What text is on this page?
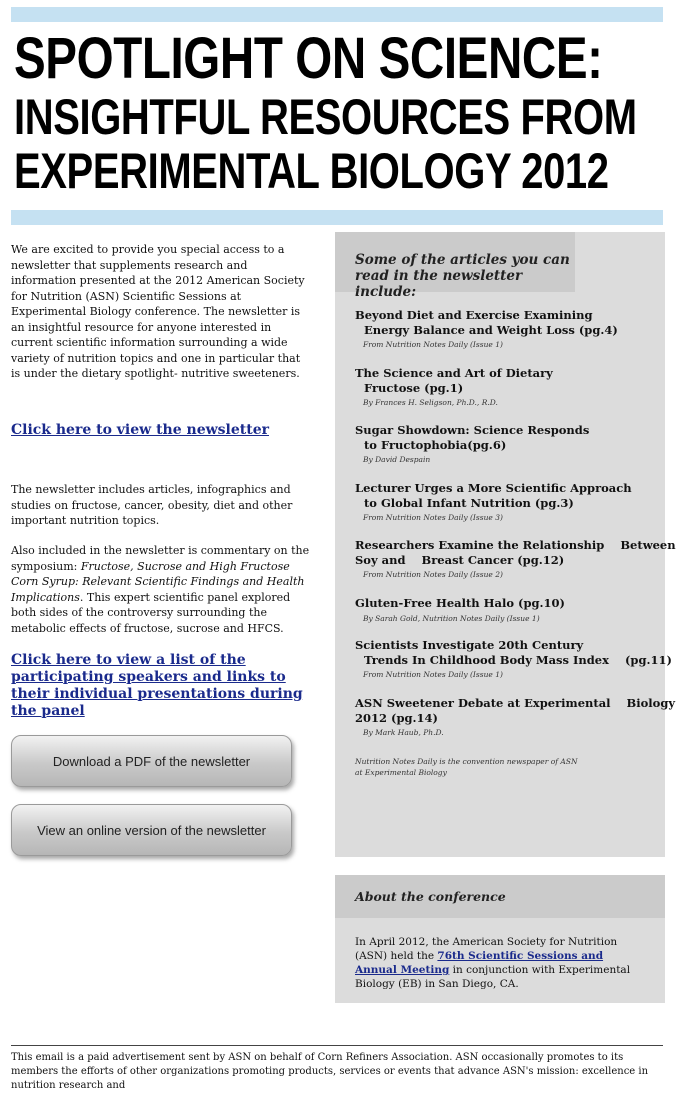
SPOTLIGHT ON SCIENCE:
INSIGHTFUL RESOURCES FROM
EXPERIMENTAL BIOLOGY 2012

We are excited to provide you special access to a newsletter that supplements research and information presented at the 2012 American Society for Nutrition (ASN) Scientific Sessions at Experimental Biology conference. The newsletter is an insightful resource for anyone interested in current scientific information surrounding a wide variety of nutrition topics and one in particular that is under the dietary spotlight- nutritive sweeteners.

Click here to view the newsletter

The newsletter includes articles, infographics and studies on fructose, cancer, obesity, diet and other important nutrition topics.

Also included in the newsletter is commentary on the symposium: Fructose, Sucrose and High Fructose Corn Syrup: Relevant Scientific Findings and Health Implications. This expert scientific panel explored both sides of the controversy surrounding the metabolic effects of fructose, sucrose and HFCS.

Click here to view a list of the participating speakers and links to their individual presentations during the panel
Download a PDF of the newsletter
View an online version of the newsletter
Some of the articles you can read in the newsletter include:
Beyond Diet and Exercise Examining
Energy Balance and Weight Loss (pg.4)
From Nutrition Notes Daily (Issue 1)
The Science and Art of Dietary
Fructose (pg.1)
By Frances H. Seligson, Ph.D., R.D.
Sugar Showdown: Science Responds
to Fructophobia(pg.6)
By David Despain
Lecturer Urges a More Scientific Approach
to Global Infant Nutrition (pg.3)
From Nutrition Notes Daily (Issue 3)
Researchers Examine the Relationship    Between
Soy and    Breast Cancer (pg.12)
From Nutrition Notes Daily (Issue 2)
Gluten-Free Health Halo (pg.10)
By Sarah Gold, Nutrition Notes Daily (Issue 1)
Scientists Investigate 20th Century
Trends In Childhood Body Mass Index    (pg.11)
From Nutrition Notes Daily (Issue 1)
ASN Sweetener Debate at Experimental    Biology
2012 (pg.14)
By Mark Haub, Ph.D.
Nutrition Notes Daily is the convention newspaper of ASN at Experimental Biology
About the conference
In April 2012, the American Society for Nutrition (ASN) held the 76th Scientific Sessions and Annual Meeting in conjunction with Experimental Biology (EB) in San Diego, CA.

This email is a paid advertisement sent by ASN on behalf of Corn Refiners Association. ASN occasionally promotes to its members the efforts of other organizations promoting products, services or events that advance ASN's mission: excellence in nutrition research and
